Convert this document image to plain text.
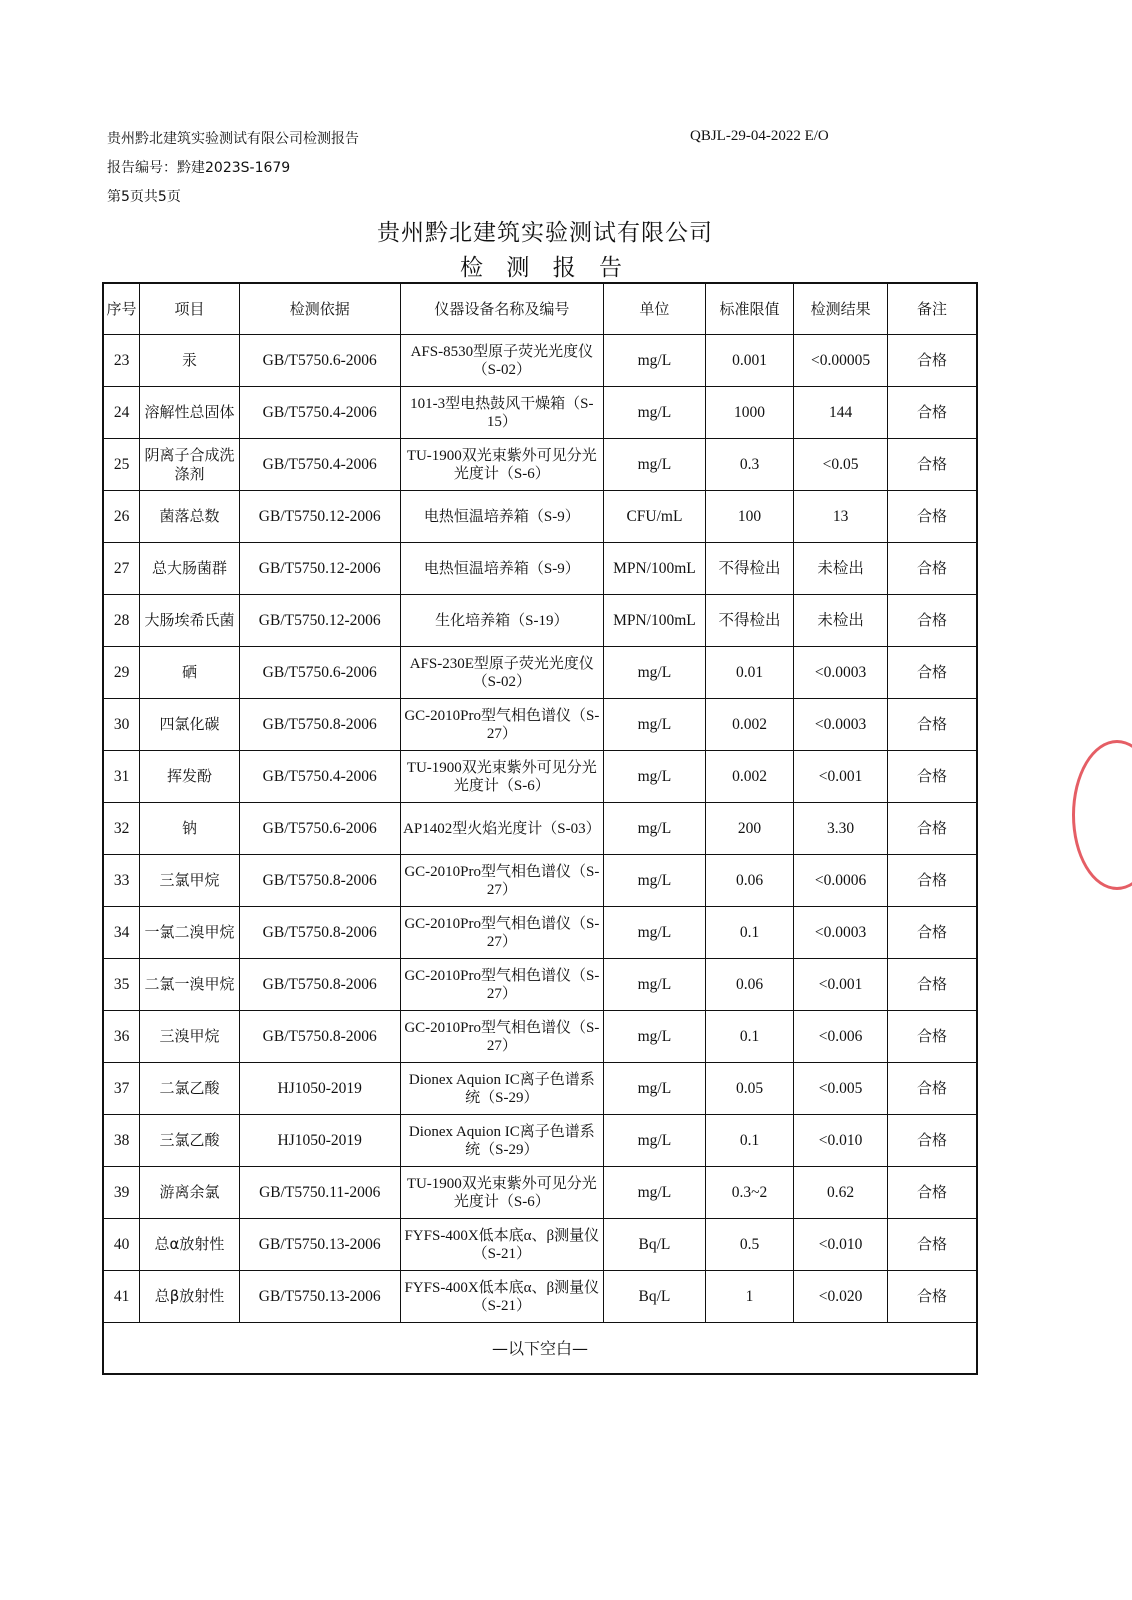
贵州黔北建筑实验测试有限公司检测报告
报告编号：黔建2023S-1679
第5页共5页
QBJL-29-04-2022 E/O
贵州黔北建筑实验测试有限公司
检 测 报 告
序号	项目	检测依据	仪器设备名称及编号	单位	标准限值	检测结果	备注
23	汞	GB/T5750.6-2006	AFS-8530型原子荧光光度仪（S-02）	mg/L	0.001	<0.00005	合格
24	溶解性总固体	GB/T5750.4-2006	101-3型电热鼓风干燥箱（S-15）	mg/L	1000	144	合格
25	阴离子合成洗涤剂	GB/T5750.4-2006	TU-1900双光束紫外可见分光光度计（S-6）	mg/L	0.3	<0.05	合格
26	菌落总数	GB/T5750.12-2006	电热恒温培养箱（S-9）	CFU/mL	100	13	合格
27	总大肠菌群	GB/T5750.12-2006	电热恒温培养箱（S-9）	MPN/100mL	不得检出	未检出	合格
28	大肠埃希氏菌	GB/T5750.12-2006	生化培养箱（S-19）	MPN/100mL	不得检出	未检出	合格
29	硒	GB/T5750.6-2006	AFS-230E型原子荧光光度仪（S-02）	mg/L	0.01	<0.0003	合格
30	四氯化碳	GB/T5750.8-2006	GC-2010Pro型气相色谱仪（S-27）	mg/L	0.002	<0.0003	合格
31	挥发酚	GB/T5750.4-2006	TU-1900双光束紫外可见分光光度计（S-6）	mg/L	0.002	<0.001	合格
32	钠	GB/T5750.6-2006	AP1402型火焰光度计（S-03）	mg/L	200	3.30	合格
33	三氯甲烷	GB/T5750.8-2006	GC-2010Pro型气相色谱仪（S-27）	mg/L	0.06	<0.0006	合格
34	一氯二溴甲烷	GB/T5750.8-2006	GC-2010Pro型气相色谱仪（S-27）	mg/L	0.1	<0.0003	合格
35	二氯一溴甲烷	GB/T5750.8-2006	GC-2010Pro型气相色谱仪（S-27）	mg/L	0.06	<0.001	合格
36	三溴甲烷	GB/T5750.8-2006	GC-2010Pro型气相色谱仪（S-27）	mg/L	0.1	<0.006	合格
37	二氯乙酸	HJ1050-2019	Dionex Aquion IC离子色谱系统（S-29）	mg/L	0.05	<0.005	合格
38	三氯乙酸	HJ1050-2019	Dionex Aquion IC离子色谱系统（S-29）	mg/L	0.1	<0.010	合格
39	游离余氯	GB/T5750.11-2006	TU-1900双光束紫外可见分光光度计（S-6）	mg/L	0.3~2	0.62	合格
40	总α放射性	GB/T5750.13-2006	FYFS-400X低本底α、β测量仪（S-21）	Bq/L	0.5	<0.010	合格
41	总β放射性	GB/T5750.13-2006	FYFS-400X低本底α、β测量仪（S-21）	Bq/L	1	<0.020	合格
—以下空白—							
